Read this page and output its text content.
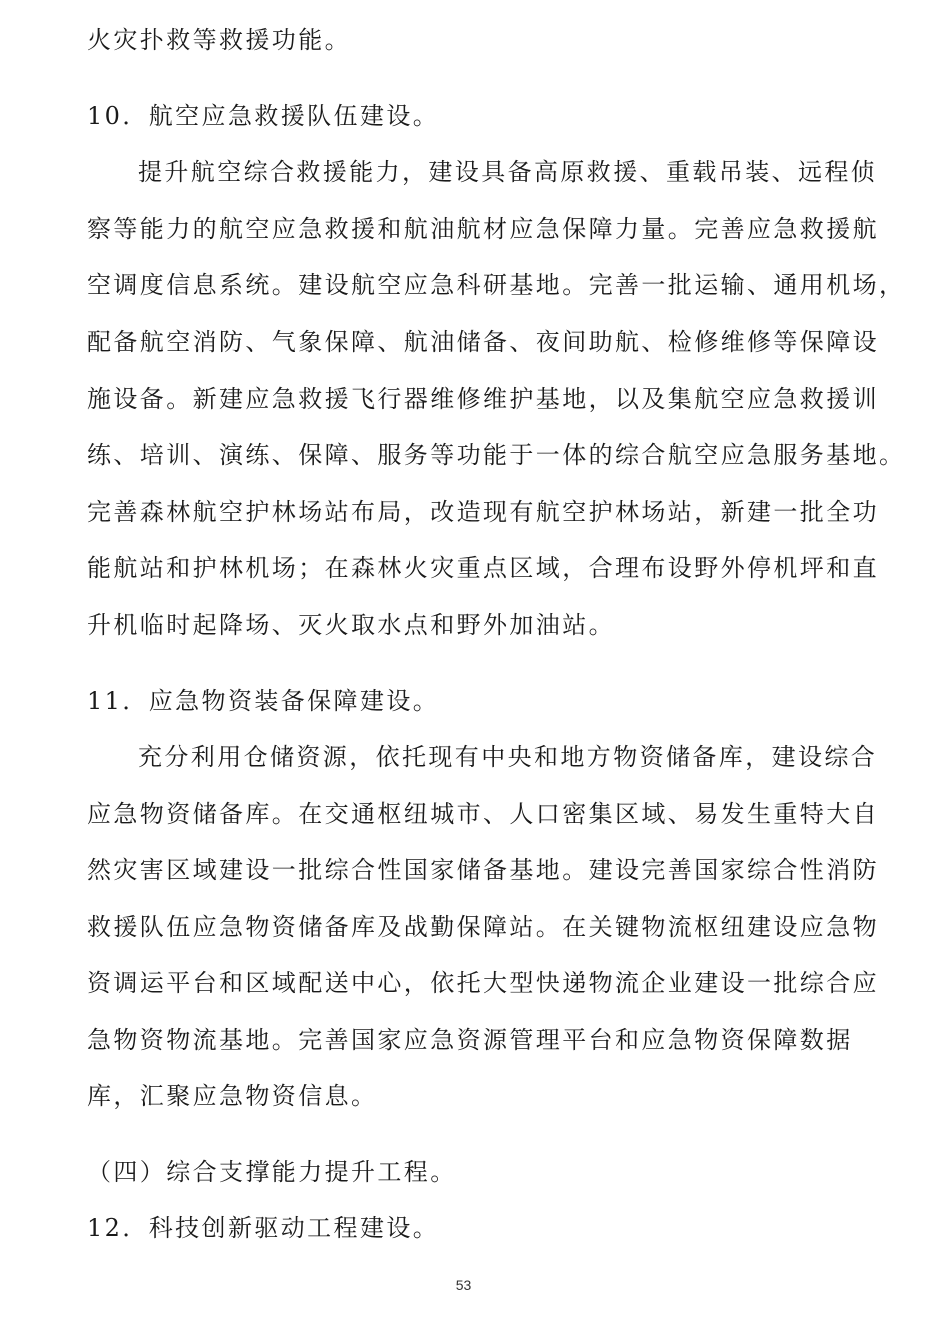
火灾扑救等救援功能。
10．航空应急救援队伍建设。
提升航空综合救援能力，建设具备高原救援、重载吊装、远程侦
察等能力的航空应急救援和航油航材应急保障力量。完善应急救援航
空调度信息系统。建设航空应急科研基地。完善一批运输、通用机场，
配备航空消防、气象保障、航油储备、夜间助航、检修维修等保障设
施设备。新建应急救援飞行器维修维护基地，以及集航空应急救援训
练、培训、演练、保障、服务等功能于一体的综合航空应急服务基地。
完善森林航空护林场站布局，改造现有航空护林场站，新建一批全功
能航站和护林机场；在森林火灾重点区域，合理布设野外停机坪和直
升机临时起降场、灭火取水点和野外加油站。
11．应急物资装备保障建设。
充分利用仓储资源，依托现有中央和地方物资储备库，建设综合
应急物资储备库。在交通枢纽城市、人口密集区域、易发生重特大自
然灾害区域建设一批综合性国家储备基地。建设完善国家综合性消防
救援队伍应急物资储备库及战勤保障站。在关键物流枢纽建设应急物
资调运平台和区域配送中心，依托大型快递物流企业建设一批综合应
急物资物流基地。完善国家应急资源管理平台和应急物资保障数据
库，汇聚应急物资信息。
（四）综合支撑能力提升工程。
12．科技创新驱动工程建设。
53
